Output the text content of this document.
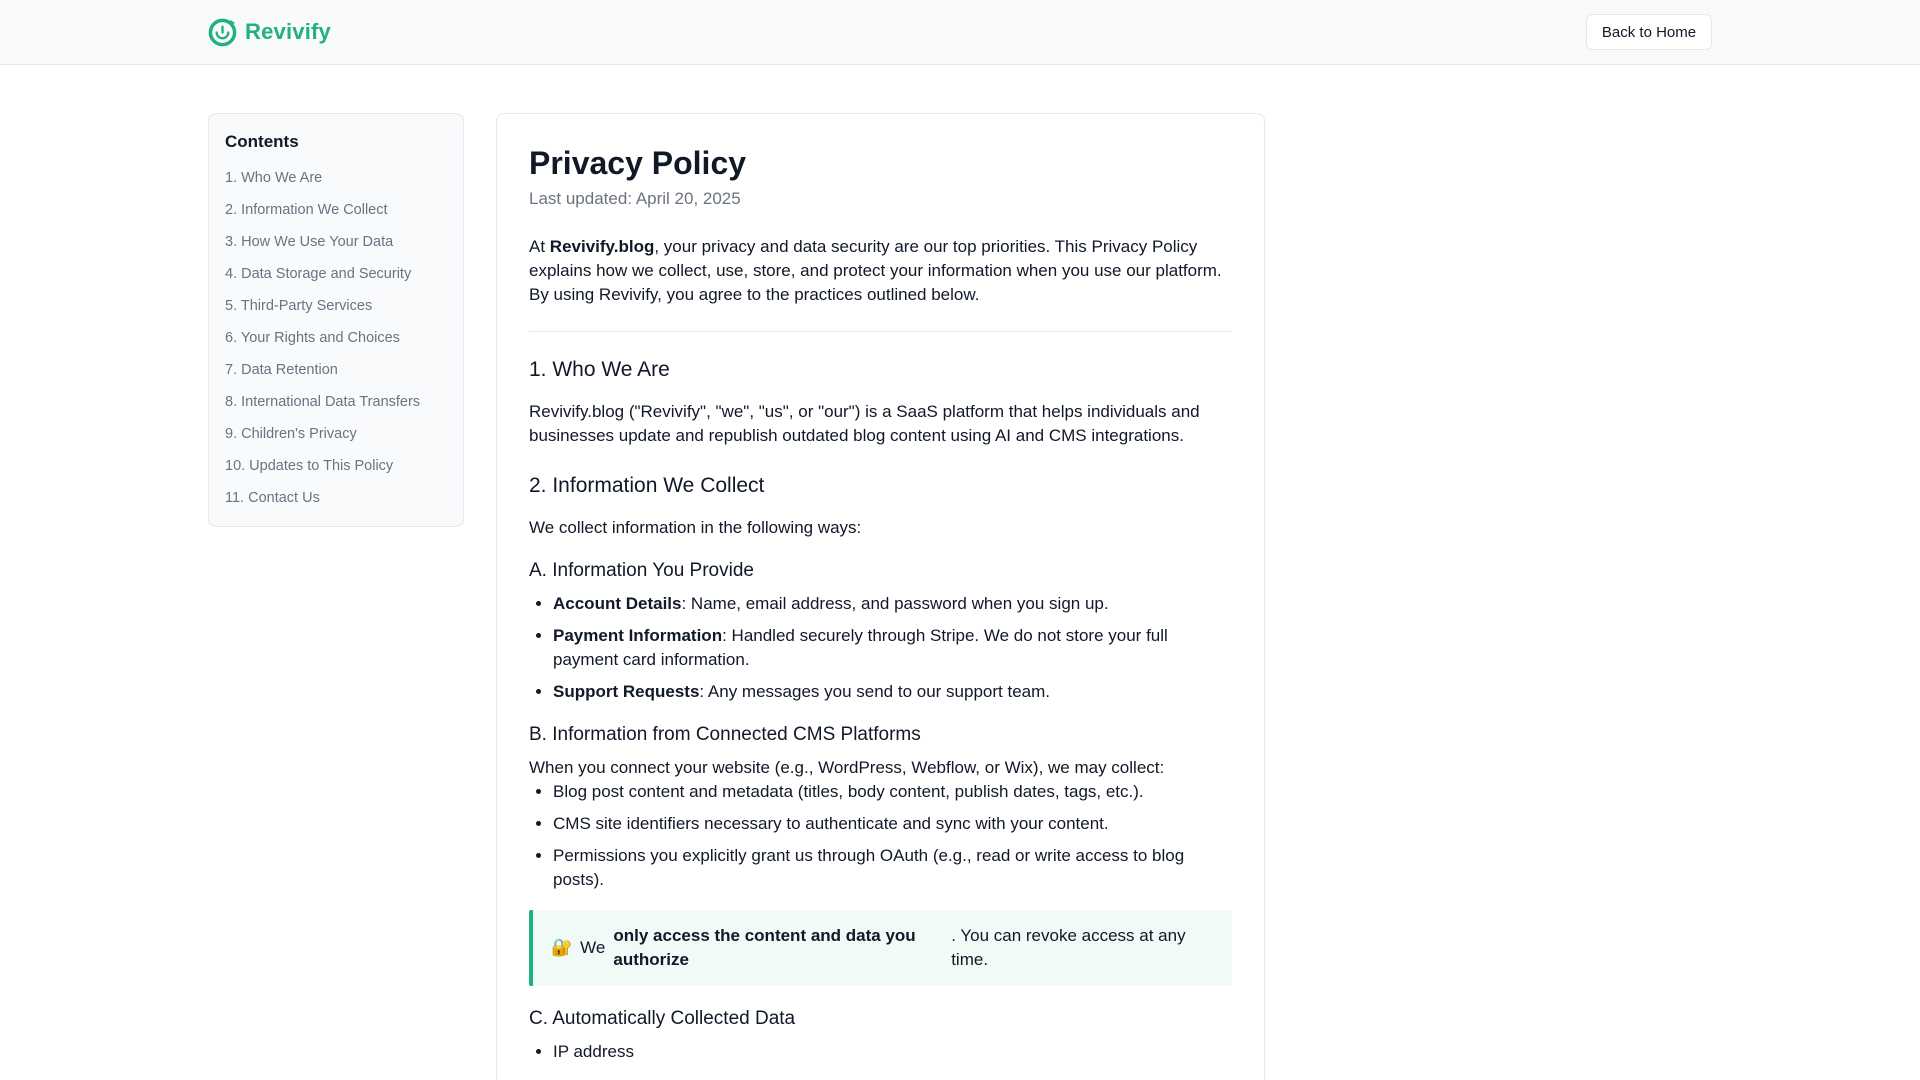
Revivify	Back to Home
Contents
1. Who We Are
2. Information We Collect
3. How We Use Your Data
4. Data Storage and Security
5. Third-Party Services
6. Your Rights and Choices
7. Data Retention
8. International Data Transfers
9. Children's Privacy
10. Updates to This Policy
11. Contact Us
Privacy Policy
Last updated: April 20, 2025

At Revivify.blog, your privacy and data security are our top priorities. This Privacy Policy explains how we collect, use, store, and protect your information when you use our platform.

By using Revivify, you agree to the practices outlined below.

1. Who We Are

Revivify.blog ("Revivify", "we", "us", or "our") is a SaaS platform that helps individuals and businesses update and republish outdated blog content using AI and CMS integrations.

2. Information We Collect

We collect information in the following ways:

A. Information You Provide
• Account Details: Name, email address, and password when you sign up.
• Payment Information: Handled securely through Stripe. We do not store your full payment card information.
• Support Requests: Any messages you send to our support team.
B. Information from Connected CMS Platforms

When you connect your website (e.g., WordPress, Webflow, or Wix), we may collect:

• Blog post content and metadata (titles, body content, publish dates, tags, etc.).
• CMS site identifiers necessary to authenticate and sync with your content.
• Permissions you explicitly grant us through OAuth (e.g., read or write access to blog posts).
🔐 We
only access the content and data you authorize
. You can revoke access at any time.
C. Automatically Collected Data
• IP address
